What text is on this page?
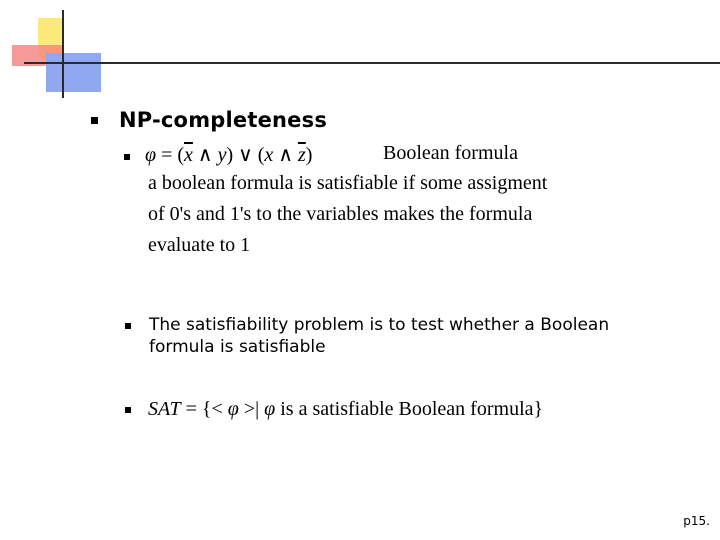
NP-completeness
$\varphi = (\overline{x}$ ∧ y) ∨ (x ∧ $\overline{z}$)	Boolean formula
a boolean formula is satisfiable if some assigment
of 0's and 1's to the variables makes the formula
evaluate to 1
The satisfiability problem is to test whether a Boolean formula is satisfiable
SAT = {< φ >| φ is a satisfiable Boolean formula}
p15.
